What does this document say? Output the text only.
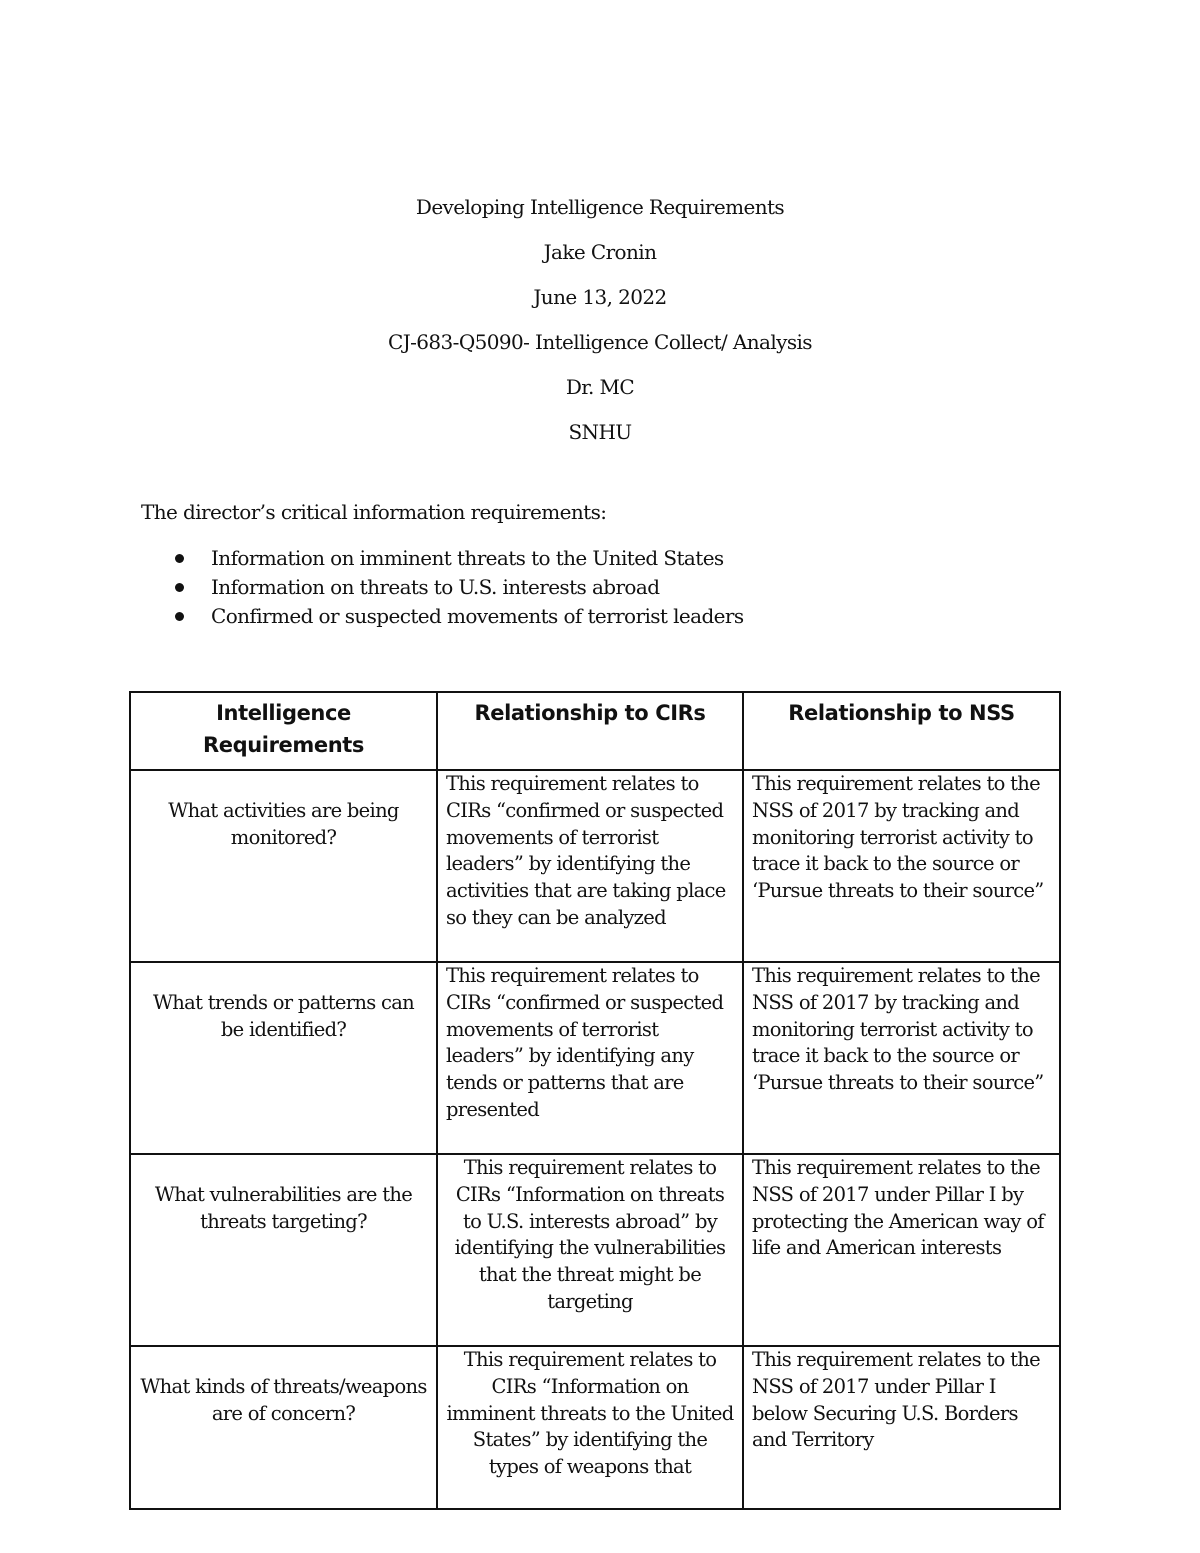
Developing Intelligence Requirements
Jake Cronin
June 13, 2022
CJ-683-Q5090- Intelligence Collect/ Analysis
Dr. MC
SNHU
The director’s critical information requirements:
Information on imminent threats to the United States
Information on threats to U.S. interests abroad
Confirmed or suspected movements of terrorist leaders
Intelligence Requirements	Relationship to CIRs	Relationship to NSS

What activities are being monitored?	This requirement relates to CIRs “confirmed or suspected movements of terrorist leaders” by identifying the activities that are taking place so they can be analyzed	This requirement relates to the NSS of 2017 by tracking and monitoring terrorist activity to trace it back to the source or ‘Pursue threats to their source”

What trends or patterns can be identified?	This requirement relates to CIRs “confirmed or suspected movements of terrorist leaders” by identifying any tends or patterns that are presented	This requirement relates to the NSS of 2017 by tracking and monitoring terrorist activity to trace it back to the source or ‘Pursue threats to their source”

What vulnerabilities are the threats targeting?	This requirement relates to CIRs “Information on threats to U.S. interests abroad” by identifying the vulnerabilities that the threat might be targeting	This requirement relates to the NSS of 2017 under Pillar I by protecting the American way of life and American interests

What kinds of threats/weapons are of concern?	This requirement relates to CIRs “Information on imminent threats to the United States” by identifying the types of weapons that	This requirement relates to the NSS of 2017 under Pillar I below Securing U.S. Borders and Territory
